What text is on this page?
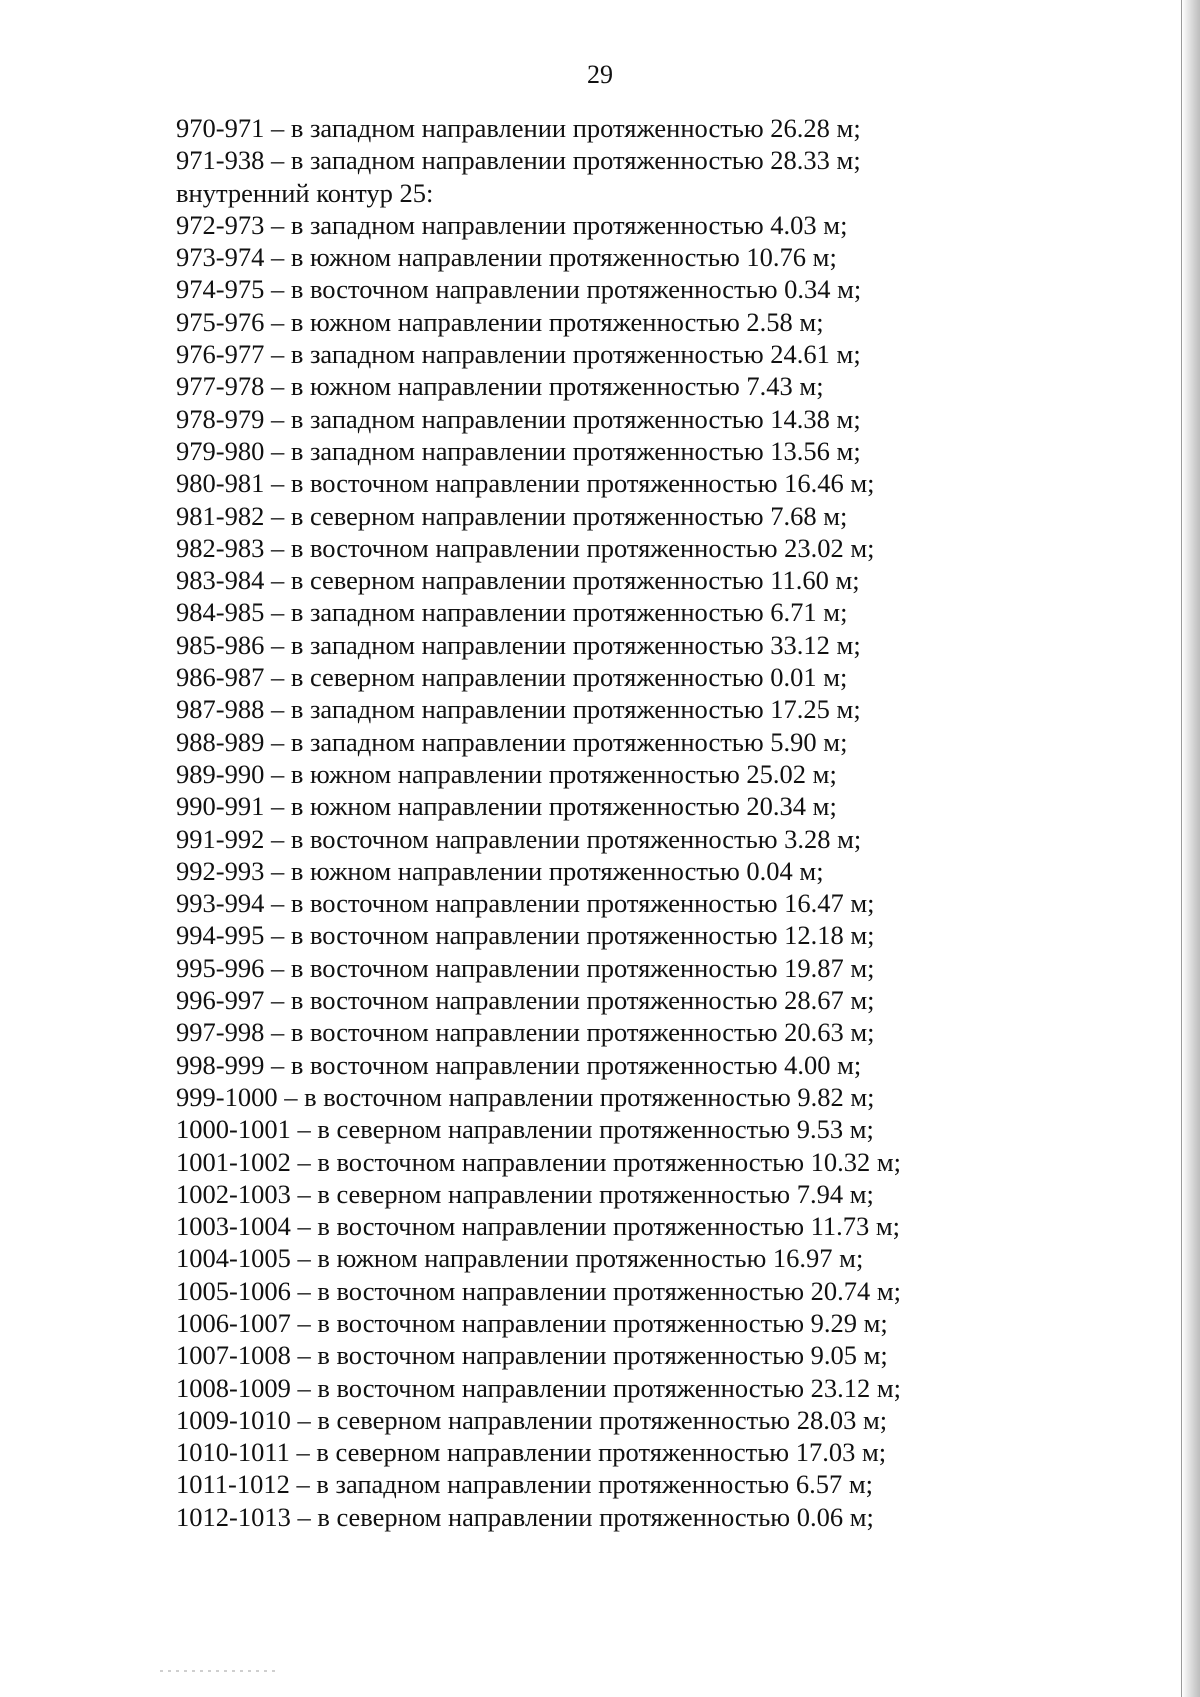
29
970-971 – в западном направлении протяженностью 26.28 м;
971-938 – в западном направлении протяженностью 28.33 м;
внутренний контур 25:
972-973 – в западном направлении протяженностью 4.03 м;
973-974 – в южном направлении протяженностью 10.76 м;
974-975 – в восточном направлении протяженностью 0.34 м;
975-976 – в южном направлении протяженностью 2.58 м;
976-977 – в западном направлении протяженностью 24.61 м;
977-978 – в южном направлении протяженностью 7.43 м;
978-979 – в западном направлении протяженностью 14.38 м;
979-980 – в западном направлении протяженностью 13.56 м;
980-981 – в восточном направлении протяженностью 16.46 м;
981-982 – в северном направлении протяженностью 7.68 м;
982-983 – в восточном направлении протяженностью 23.02 м;
983-984 – в северном направлении протяженностью 11.60 м;
984-985 – в западном направлении протяженностью 6.71 м;
985-986 – в западном направлении протяженностью 33.12 м;
986-987 – в северном направлении протяженностью 0.01 м;
987-988 – в западном направлении протяженностью 17.25 м;
988-989 – в западном направлении протяженностью 5.90 м;
989-990 – в южном направлении протяженностью 25.02 м;
990-991 – в южном направлении протяженностью 20.34 м;
991-992 – в восточном направлении протяженностью 3.28 м;
992-993 – в южном направлении протяженностью 0.04 м;
993-994 – в восточном направлении протяженностью 16.47 м;
994-995 – в восточном направлении протяженностью 12.18 м;
995-996 – в восточном направлении протяженностью 19.87 м;
996-997 – в восточном направлении протяженностью 28.67 м;
997-998 – в восточном направлении протяженностью 20.63 м;
998-999 – в восточном направлении протяженностью 4.00 м;
999-1000 – в восточном направлении протяженностью 9.82 м;
1000-1001 – в северном направлении протяженностью 9.53 м;
1001-1002 – в восточном направлении протяженностью 10.32 м;
1002-1003 – в северном направлении протяженностью 7.94 м;
1003-1004 – в восточном направлении протяженностью 11.73 м;
1004-1005 – в южном направлении протяженностью 16.97 м;
1005-1006 – в восточном направлении протяженностью 20.74 м;
1006-1007 – в восточном направлении протяженностью 9.29 м;
1007-1008 – в восточном направлении протяженностью 9.05 м;
1008-1009 – в восточном направлении протяженностью 23.12 м;
1009-1010 – в северном направлении протяженностью 28.03 м;
1010-1011 – в северном направлении протяженностью 17.03 м;
1011-1012 – в западном направлении протяженностью 6.57 м;
1012-1013 – в северном направлении протяженностью 0.06 м;
